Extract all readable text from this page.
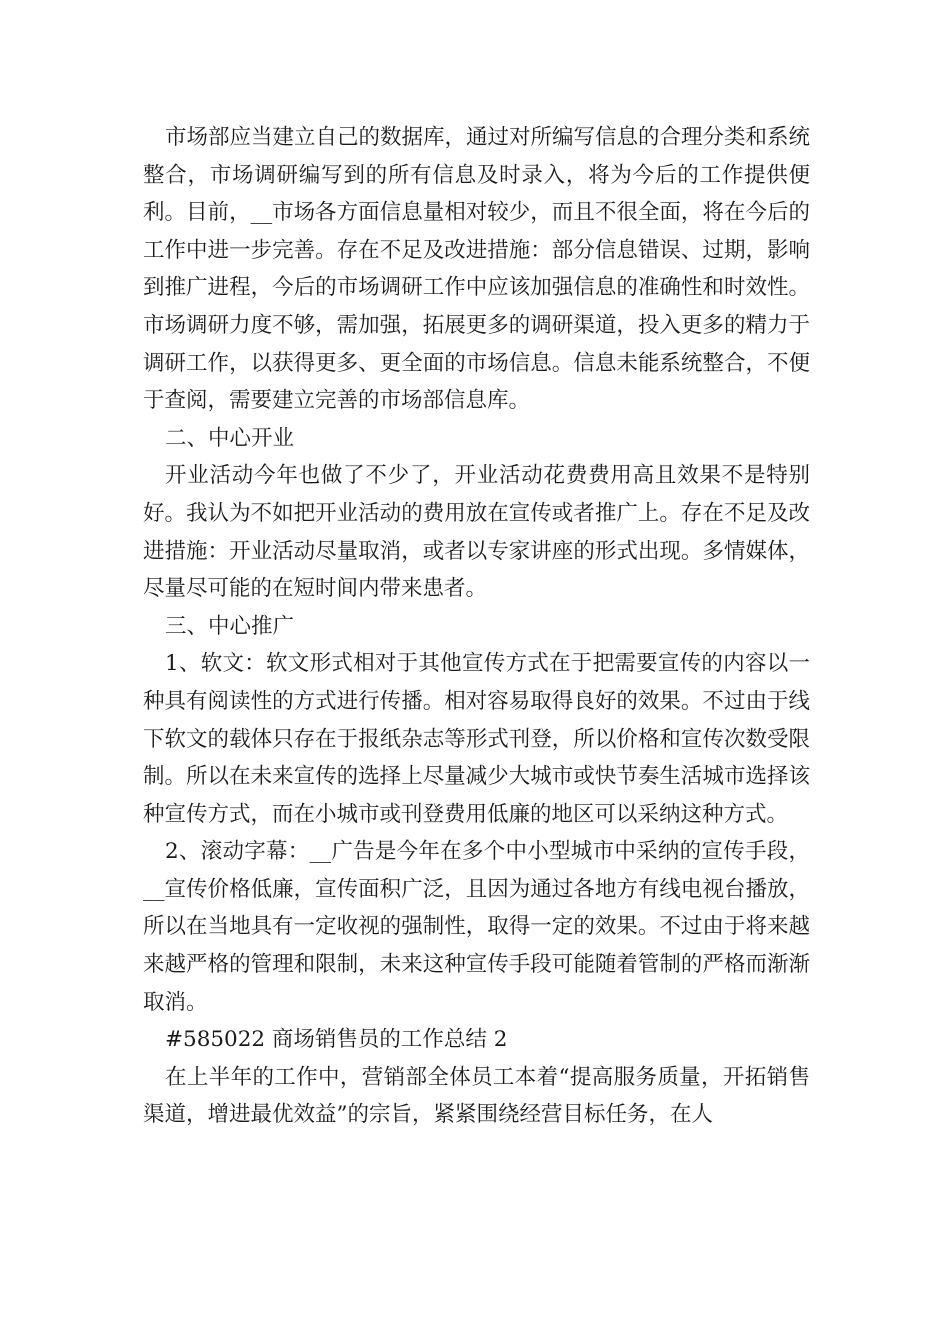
市场部应当建立自己的数据库，通过对所编写信息的合理分类和系统整合，市场调研编写到的所有信息及时录入，将为今后的工作提供便利。目前，__市场各方面信息量相对较少，而且不很全面，将在今后的工作中进一步完善。存在不足及改进措施：部分信息错误、过期，影响到推广进程，今后的市场调研工作中应该加强信息的准确性和时效性。市场调研力度不够，需加强，拓展更多的调研渠道，投入更多的精力于调研工作，以获得更多、更全面的市场信息。信息未能系统整合，不便于查阅，需要建立完善的市场部信息库。

二、中心开业

开业活动今年也做了不少了，开业活动花费费用高且效果不是特别好。我认为不如把开业活动的费用放在宣传或者推广上。存在不足及改进措施：开业活动尽量取消，或者以专家讲座的形式出现。多情媒体，尽量尽可能的在短时间内带来患者。

三、中心推广

1、软文：软文形式相对于其他宣传方式在于把需要宣传的内容以一种具有阅读性的方式进行传播。相对容易取得良好的效果。不过由于线下软文的载体只存在于报纸杂志等形式刊登，所以价格和宣传次数受限制。所以在未来宣传的选择上尽量减少大城市或快节奏生活城市选择该种宣传方式，而在小城市或刊登费用低廉的地区可以采纳这种方式。

2、滚动字幕：__广告是今年在多个中小型城市中采纳的宣传手段，__宣传价格低廉，宣传面积广泛，且因为通过各地方有线电视台播放，所以在当地具有一定收视的强制性，取得一定的效果。不过由于将来越来越严格的管理和限制，未来这种宣传手段可能随着管制的严格而渐渐取消。

#585022 商场销售员的工作总结 2

在上半年的工作中，营销部全体员工本着“提高服务质量，开拓销售渠道，增进最优效益”的宗旨，紧紧围绕经营目标任务，在人
